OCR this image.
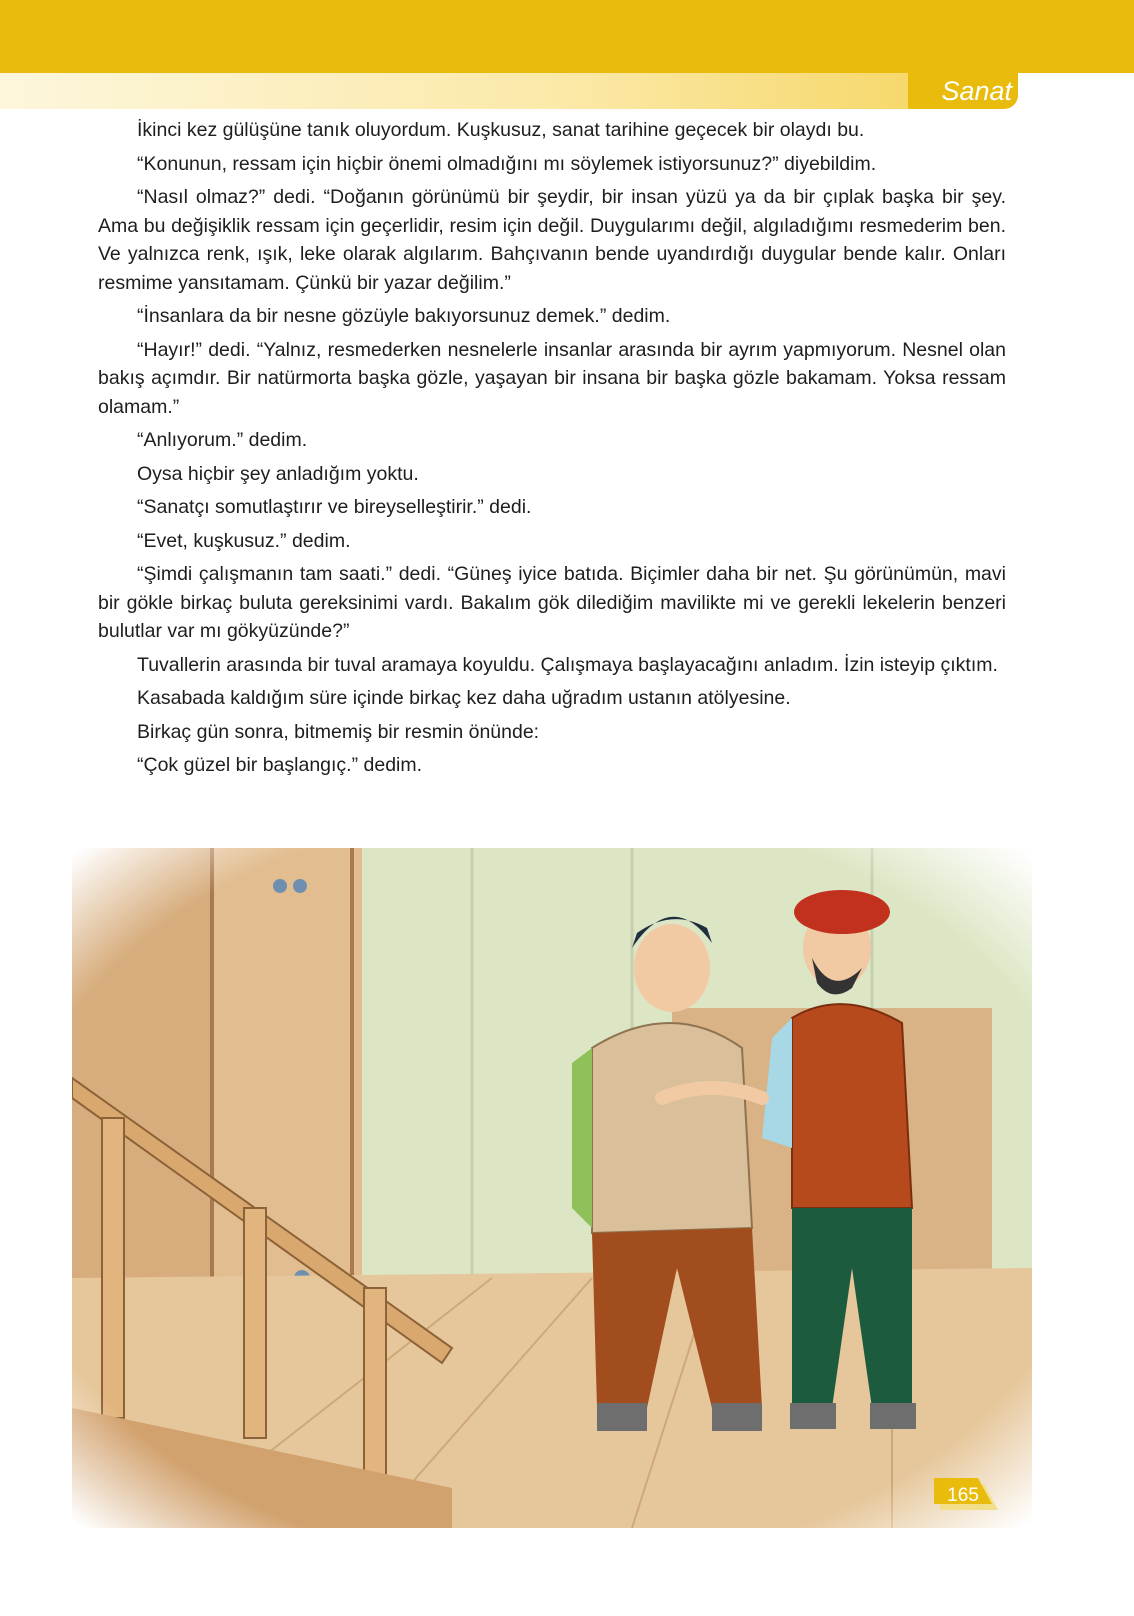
Sanat

İkinci kez gülüşüne tanık oluyordum. Kuşkusuz, sanat tarihine geçecek bir olaydı bu.

“Konunun, ressam için hiçbir önemi olmadığını mı söylemek istiyorsunuz?” diyebildim.

“Nasıl olmaz?” dedi. “Doğanın görünümü bir şeydir, bir insan yüzü ya da bir çıplak başka bir şey. Ama bu değişiklik ressam için geçerlidir, resim için değil. Duygularımı değil, algıladığımı resmederim ben. Ve yalnızca renk, ışık, leke olarak algılarım. Bahçıvanın bende uyandırdığı duygular bende kalır. Onları resmime yansıtamam. Çünkü bir yazar değilim.”

“İnsanlara da bir nesne gözüyle bakıyorsunuz demek.” dedim.

“Hayır!” dedi. “Yalnız, resmederken nesnelerle insanlar arasında bir ayrım yapmıyorum. Nesnel olan bakış açımdır. Bir natürmorta başka gözle, yaşayan bir insana bir başka gözle bakamam. Yoksa ressam olamam.”

“Anlıyorum.” dedim.

Oysa hiçbir şey anladığım yoktu.

“Sanatçı somutlaştırır ve bireyselleştirir.” dedi.

“Evet, kuşkusuz.” dedim.

“Şimdi çalışmanın tam saati.” dedi. “Güneş iyice batıda. Biçimler daha bir net. Şu görünümün, mavi bir gökle birkaç buluta gereksinimi vardı. Bakalım gök dilediğim mavilikte mi ve gerekli lekelerin benzeri bulutlar var mı gökyüzünde?”

Tuvallerin arasında bir tuval aramaya koyuldu. Çalışmaya başlayacağını anladım. İzin isteyip çıktım.

Kasabada kaldığım süre içinde birkaç kez daha uğradım ustanın atölyesine.

Birkaç gün sonra, bitmemiş bir resmin önünde:

“Çok güzel bir başlangıç.” dedim.

165
